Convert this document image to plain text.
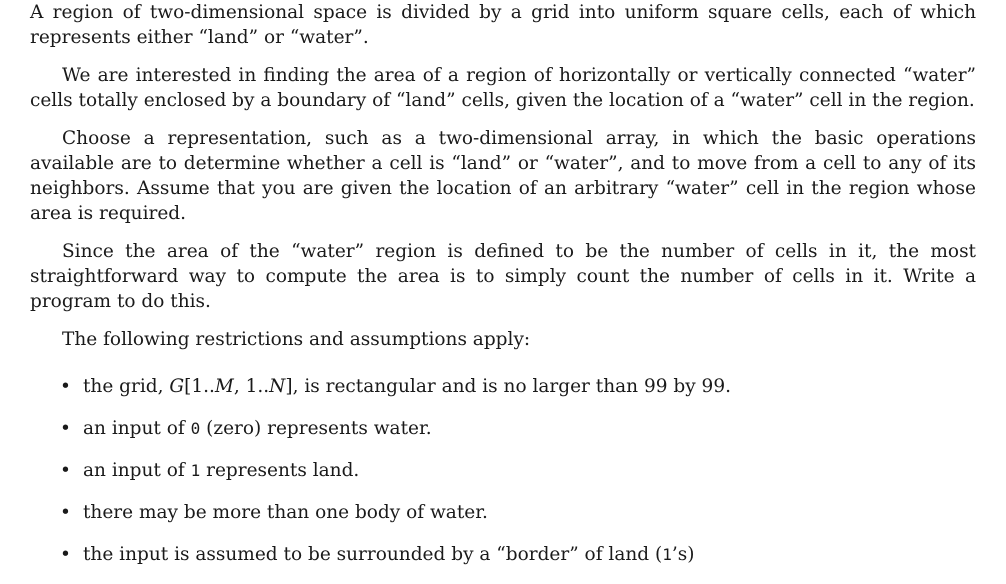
A region of two-dimensional space is divided by a grid into uniform square cells, each of which represents either “land” or “water”.

We are interested in finding the area of a region of horizontally or vertically connected “water” cells totally enclosed by a boundary of “land” cells, given the location of a “water” cell in the region.

Choose a representation, such as a two-dimensional array, in which the basic operations available are to determine whether a cell is “land” or “water”, and to move from a cell to any of its neighbors. Assume that you are given the location of an arbitrary “water” cell in the region whose area is required.

Since the area of the “water” region is defined to be the number of cells in it, the most straightforward way to compute the area is to simply count the number of cells in it. Write a program to do this.

The following restrictions and assumptions apply:

• the grid, G[1..M, 1..N], is rectangular and is no larger than 99 by 99.
• an input of 0 (zero) represents water.
• an input of 1 represents land.
• there may be more than one body of water.
• the input is assumed to be surrounded by a “border” of land (1’s)
